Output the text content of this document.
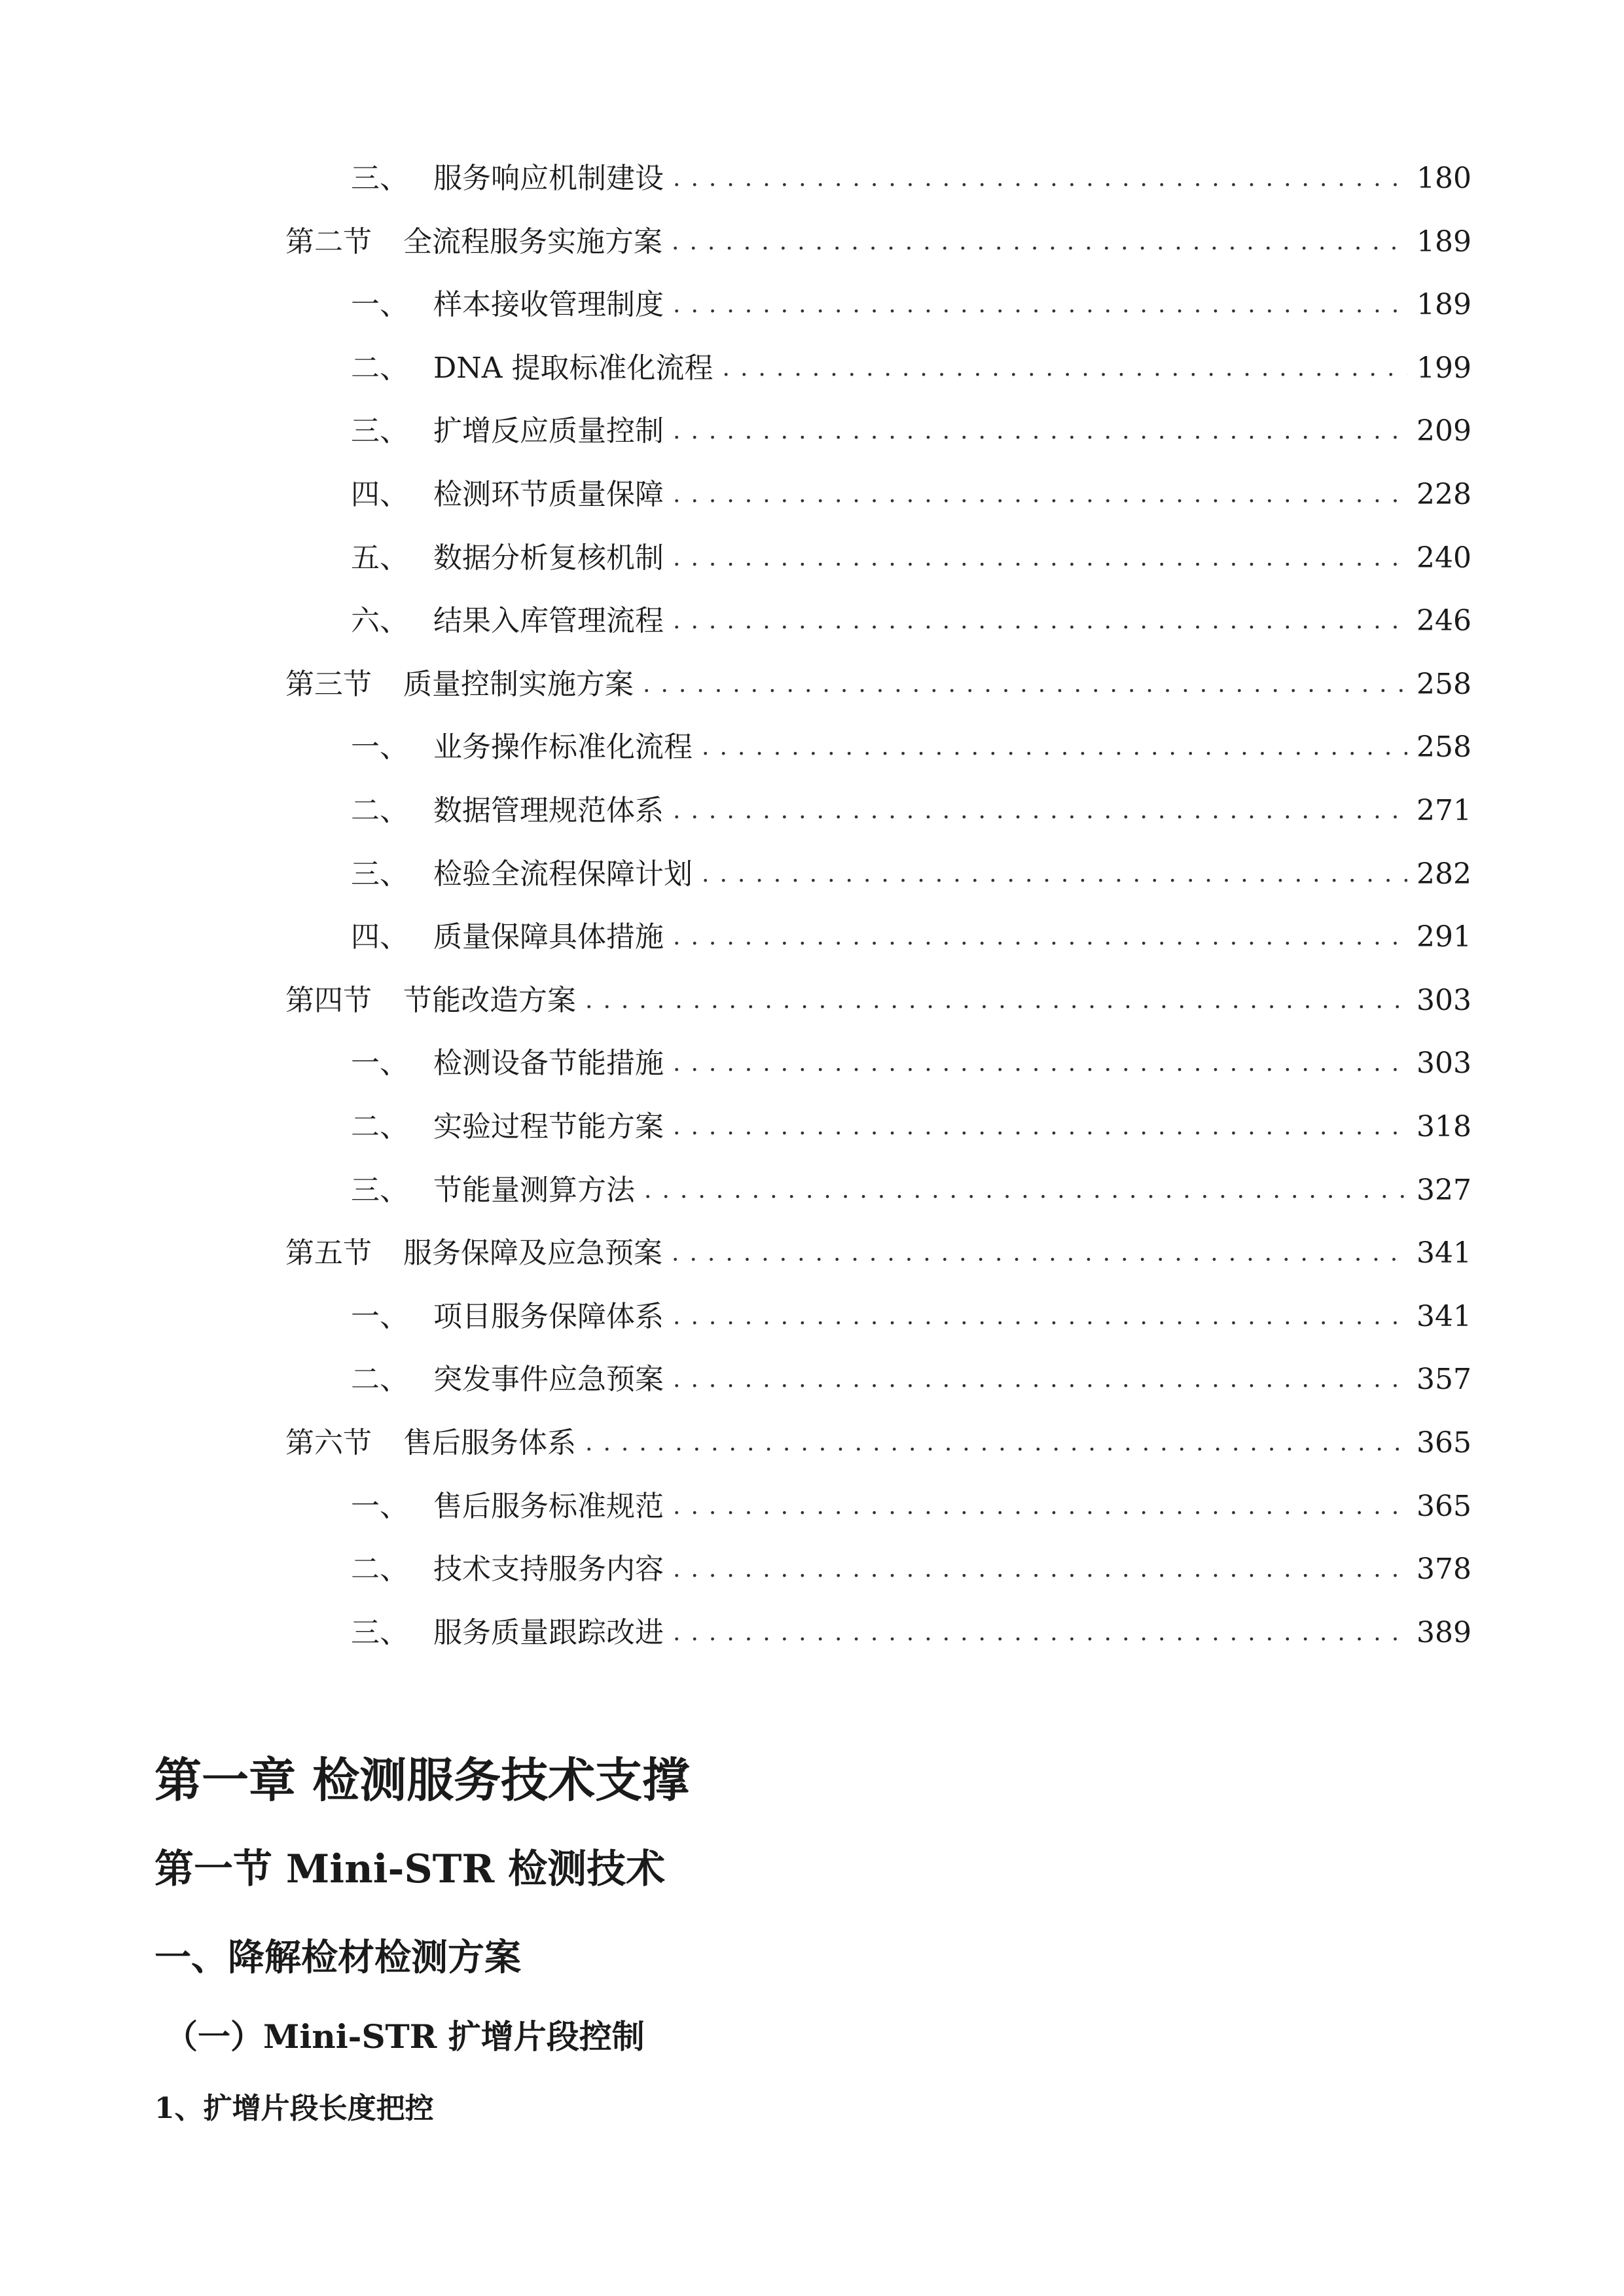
三、 服务响应机制建设 .....	180
第二节	全流程服务实施方案 .....	189
一、 样本接收管理制度 .....	189
二、 DNA 提取标准化流程 .....	199
三、 扩增反应质量控制 .....	209
四、 检测环节质量保障 .....	228
五、 数据分析复核机制 .....	240
六、 结果入库管理流程 .....	246
第三节	质量控制实施方案 .....	258
一、 业务操作标准化流程 .....	258
二、 数据管理规范体系 .....	271
三、 检验全流程保障计划 .....	282
四、 质量保障具体措施 .....	291
第四节	节能改造方案 .....	303
一、 检测设备节能措施 .....	303
二、 实验过程节能方案 .....	318
三、 节能量测算方法 .....	327
第五节	服务保障及应急预案 .....	341
一、 项目服务保障体系 .....	341
二、 突发事件应急预案 .....	357
第六节	售后服务体系 .....	365
一、 售后服务标准规范 .....	365
二、 技术支持服务内容 .....	378
三、 服务质量跟踪改进 .....	389
第一章 检测服务技术支撑
第一节 Mini-STR 检测技术
一、降解检材检测方案
（一）Mini-STR 扩增片段控制
1、扩增片段长度把控
